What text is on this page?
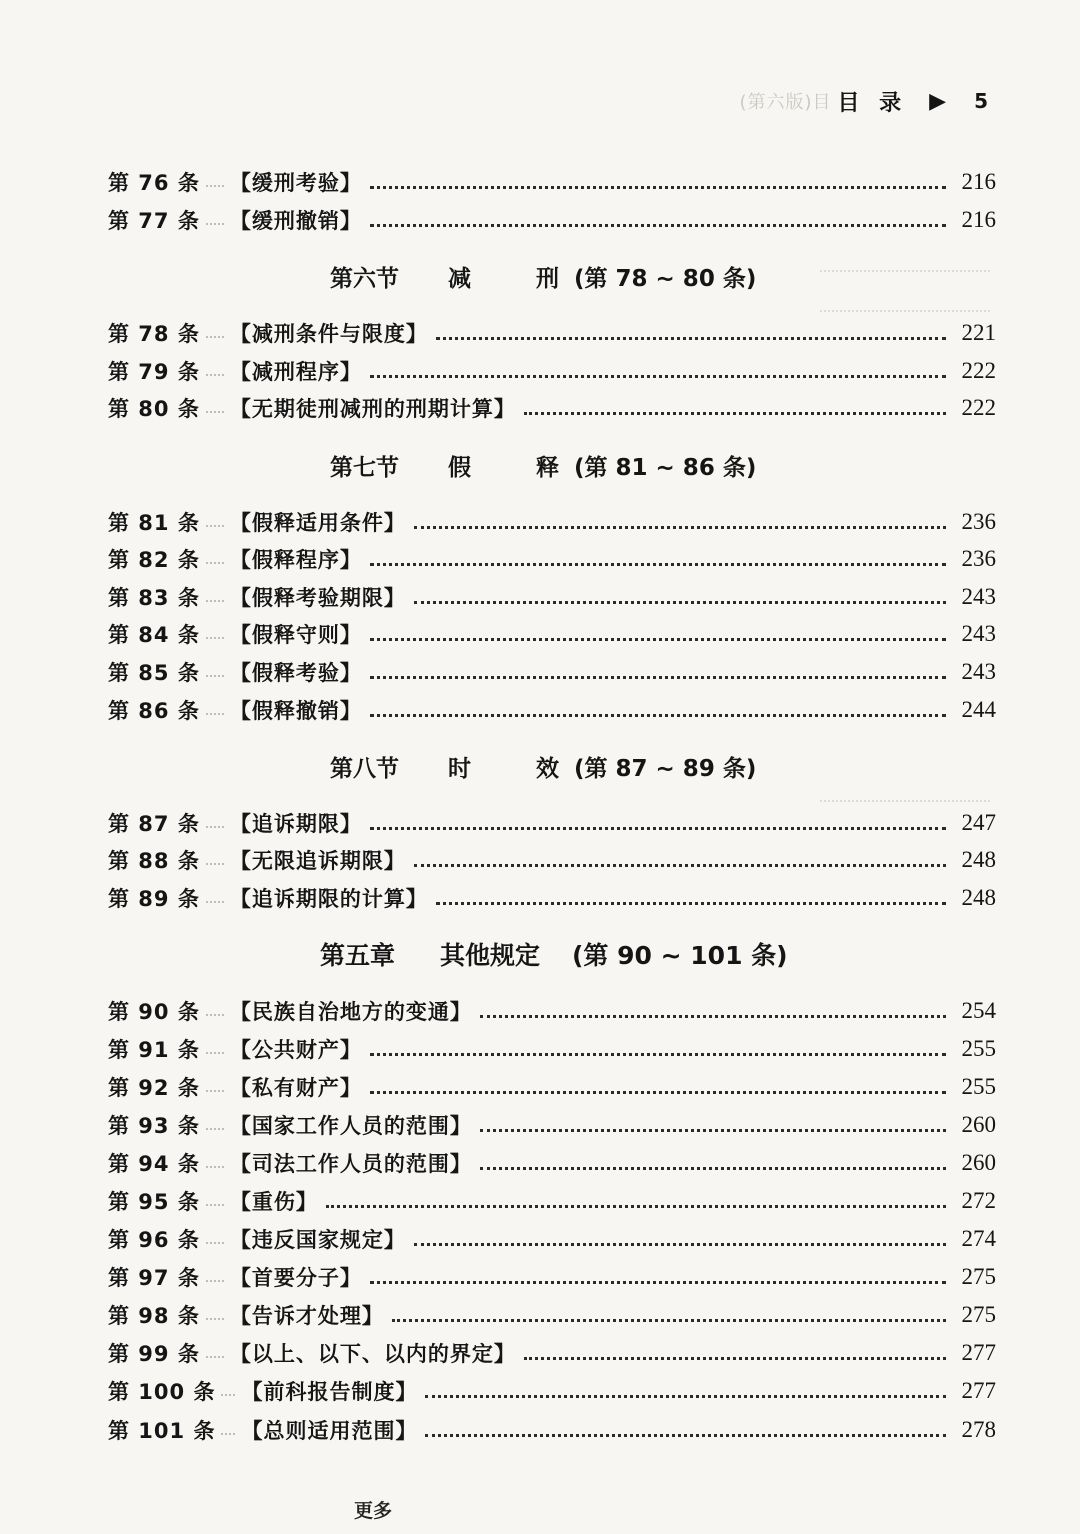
(第六版)目 目 录 ▶ 5
第六节 减	刑 (第 78 ~ 80 条)
第七节 假	释 (第 81 ~ 86 条)
第八节 时	效 (第 87 ~ 89 条)
第五章 其他规定 (第 90 ~ 101 条)
第 76 条 【缓刑考验】	216
第 77 条 【缓刑撤销】	216
第 78 条 【减刑条件与限度】	221
第 79 条 【减刑程序】	222
第 80 条 【无期徒刑减刑的刑期计算】	222
第 81 条 【假释适用条件】	236
第 82 条 【假释程序】	236
第 83 条 【假释考验期限】	243
第 84 条 【假释守则】	243
第 85 条 【假释考验】	243
第 86 条 【假释撤销】	244
第 87 条 【追诉期限】	247
第 88 条 【无限追诉期限】	248
第 89 条 【追诉期限的计算】	248
第 90 条 【民族自治地方的变通】	254
第 91 条 【公共财产】	255
第 92 条 【私有财产】	255
第 93 条 【国家工作人员的范围】	260
第 94 条 【司法工作人员的范围】	260
第 95 条 【重伤】	272
第 96 条 【违反国家规定】	274
第 97 条 【首要分子】	275
第 98 条 【告诉才处理】	275
第 99 条 【以上、以下、以内的界定】	277
第 100 条 【前科报告制度】	277
第 101 条 【总则适用范围】	278
更多
